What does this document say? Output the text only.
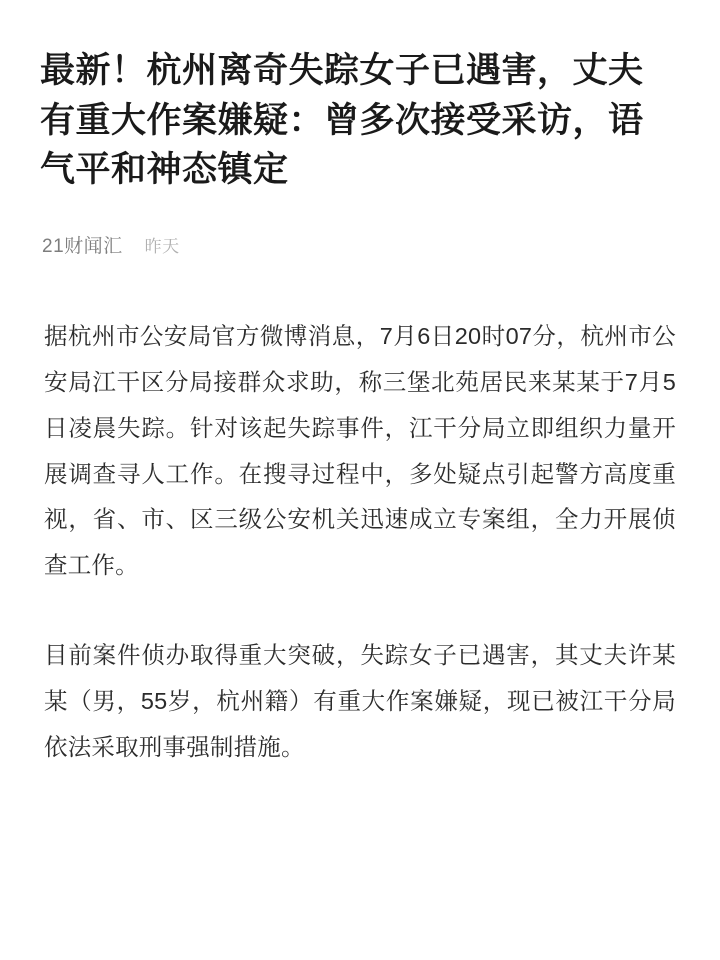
最新！杭州离奇失踪女子已遇害，丈夫有重大作案嫌疑：曾多次接受采访，语气平和神态镇定
21财闻汇 昨天

据杭州市公安局官方微博消息，7月6日20时07分，杭州市公安局江干区分局接群众求助，称三堡北苑居民来某某于7月5日凌晨失踪。针对该起失踪事件，江干分局立即组织力量开展调查寻人工作。在搜寻过程中，多处疑点引起警方高度重视，省、市、区三级公安机关迅速成立专案组，全力开展侦查工作。

目前案件侦办取得重大突破，失踪女子已遇害，其丈夫许某某（男，55岁，杭州籍）有重大作案嫌疑，现已被江干分局依法采取刑事强制措施。
